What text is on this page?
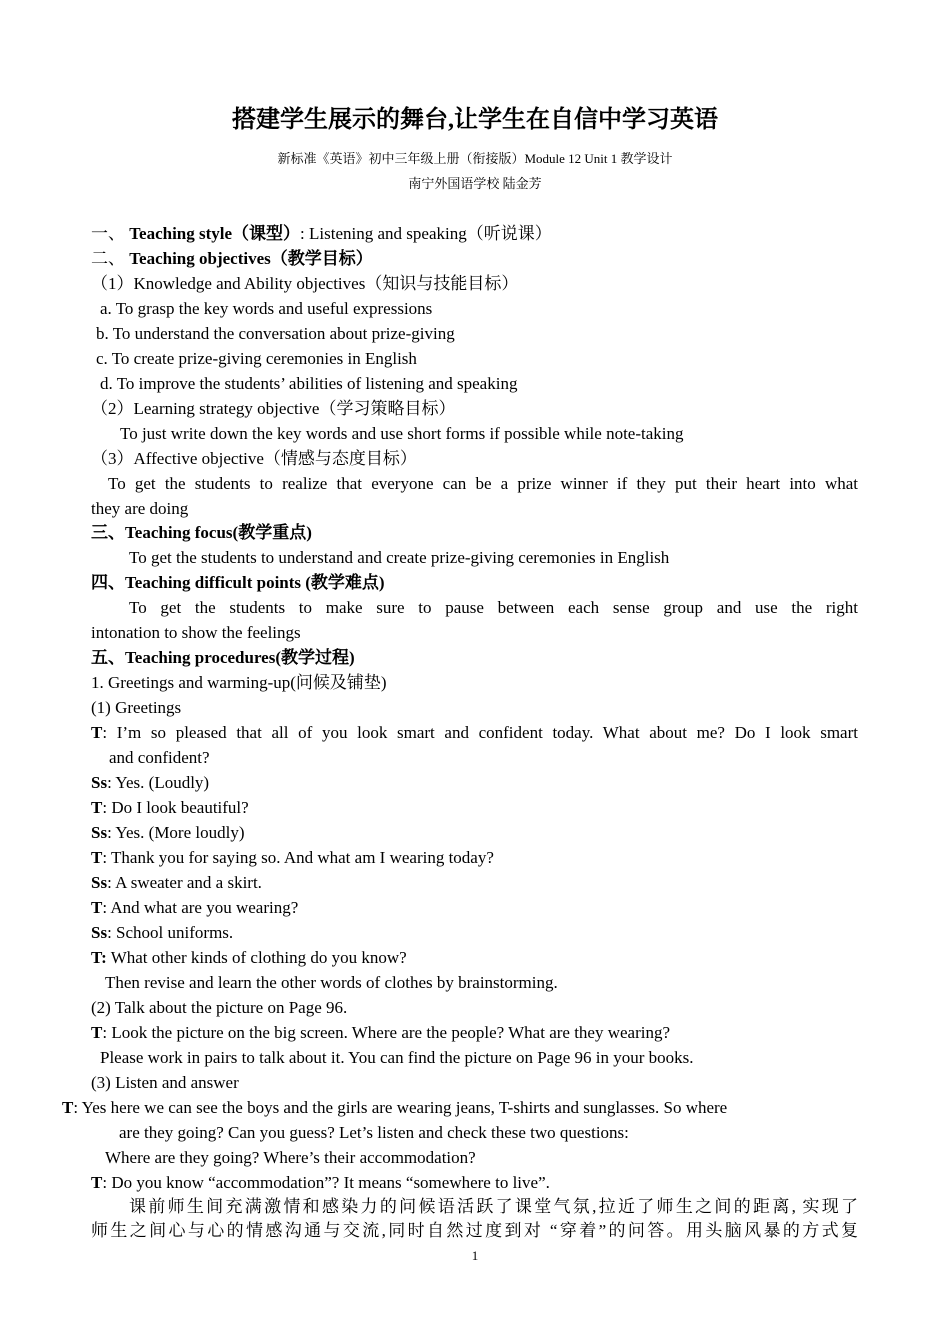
搭建学生展示的舞台,让学生在自信中学习英语
新标准《英语》初中三年级上册（衔接版）Module 12 Unit 1 教学设计
南宁外国语学校 陆金芳
一、 Teaching style（课型）: Listening and speaking（听说课）
二、 Teaching objectives（教学目标）
（1）Knowledge and Ability objectives（知识与技能目标）
a. To grasp the key words and useful expressions
b. To understand the conversation about prize-giving
c. To create prize-giving ceremonies in English
d. To improve the students’ abilities of listening and speaking
（2）Learning strategy objective（学习策略目标）
To just write down the key words and use short forms if possible while note-taking
（3）Affective objective（情感与态度目标）
To get the students to realize that everyone can be a prize winner if they put their heart into what
they are doing
三、Teaching focus(教学重点)
To get the students to understand and create prize-giving ceremonies in English
四、Teaching difficult points (教学难点)
To get the students to make sure to pause between each sense group and use the right
intonation to show the feelings
五、Teaching procedures(教学过程)
1. Greetings and warming-up(问候及铺垫)
(1) Greetings
T: I’m so pleased that all of you look smart and confident today. What about me? Do I look smart
and confident?
Ss: Yes. (Loudly)
T: Do I look beautiful?
Ss: Yes. (More loudly)
T: Thank you for saying so. And what am I wearing today?
Ss: A sweater and a skirt.
T: And what are you wearing?
Ss: School uniforms.
T: What other kinds of clothing do you know?
Then revise and learn the other words of clothes by brainstorming.
(2) Talk about the picture on Page 96.
T: Look the picture on the big screen. Where are the people? What are they wearing?
Please work in pairs to talk about it. You can find the picture on Page 96 in your books.
(3) Listen and answer
T: Yes here we can see the boys and the girls are wearing jeans, T-shirts and sunglasses. So where
are they going? Can you guess? Let’s listen and check these two questions:
Where are they going? Where’s their accommodation?
T: Do you know “accommodation”? It means “somewhere to live”.
课前师生间充满激情和感染力的问候语活跃了课堂气氛,拉近了师生之间的距离, 实现了
师生之间心与心的情感沟通与交流,同时自然过度到对 “穿着”的问答。用头脑风暴的方式复
1
